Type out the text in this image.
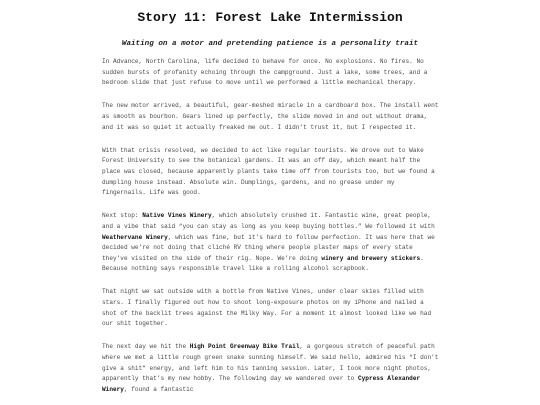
Story 11: Forest Lake Intermission
Waiting on a motor and pretending patience is a personality trait

In Advance, North Carolina, life decided to behave for once. No explosions. No fires. No sudden bursts of profanity echoing through the campground. Just a lake, some trees, and a bedroom slide that just refuse to move until we performed a little mechanical therapy.

The new motor arrived, a beautiful, gear-meshed miracle in a cardboard box. The install went as smooth as bourbon. Gears lined up perfectly, the slide moved in and out without drama, and it was so quiet it actually freaked me out. I didn’t trust it, but I respected it.

With that crisis resolved, we decided to act like regular tourists. We drove out to Wake Forest University to see the botanical gardens. It was an off day, which meant half the place was closed, because apparently plants take time off from tourists too, but we found a dumpling house instead. Absolute win. Dumplings, gardens, and no grease under my fingernails. Life was good.

Next stop: Native Vines Winery, which absolutely crushed it. Fantastic wine, great people, and a vibe that said “you can stay as long as you keep buying bottles.” We followed it with Weathervane Winery, which was fine, but it’s hard to follow perfection. It was here that we decided we’re not doing that cliché RV thing where people plaster maps of every state they’ve visited on the side of their rig. Nope. We’re doing winery and brewery stickers. Because nothing says responsible travel like a rolling alcohol scrapbook.

That night we sat outside with a bottle from Native Vines, under clear skies filled with stars. I finally figured out how to shoot long-exposure photos on my iPhone and nailed a shot of the backlit trees against the Milky Way. For a moment it almost looked like we had our shit together.

The next day we hit the High Point Greenway Bike Trail, a gorgeous stretch of peaceful path where we met a little rough green snake sunning himself. We said hello, admired his “I don’t give a shit” energy, and left him to his tanning session. Later, I took more night photos, apparently that’s my new hobby. The following day we wandered over to Cypress Alexander Winery, found a fantastic
